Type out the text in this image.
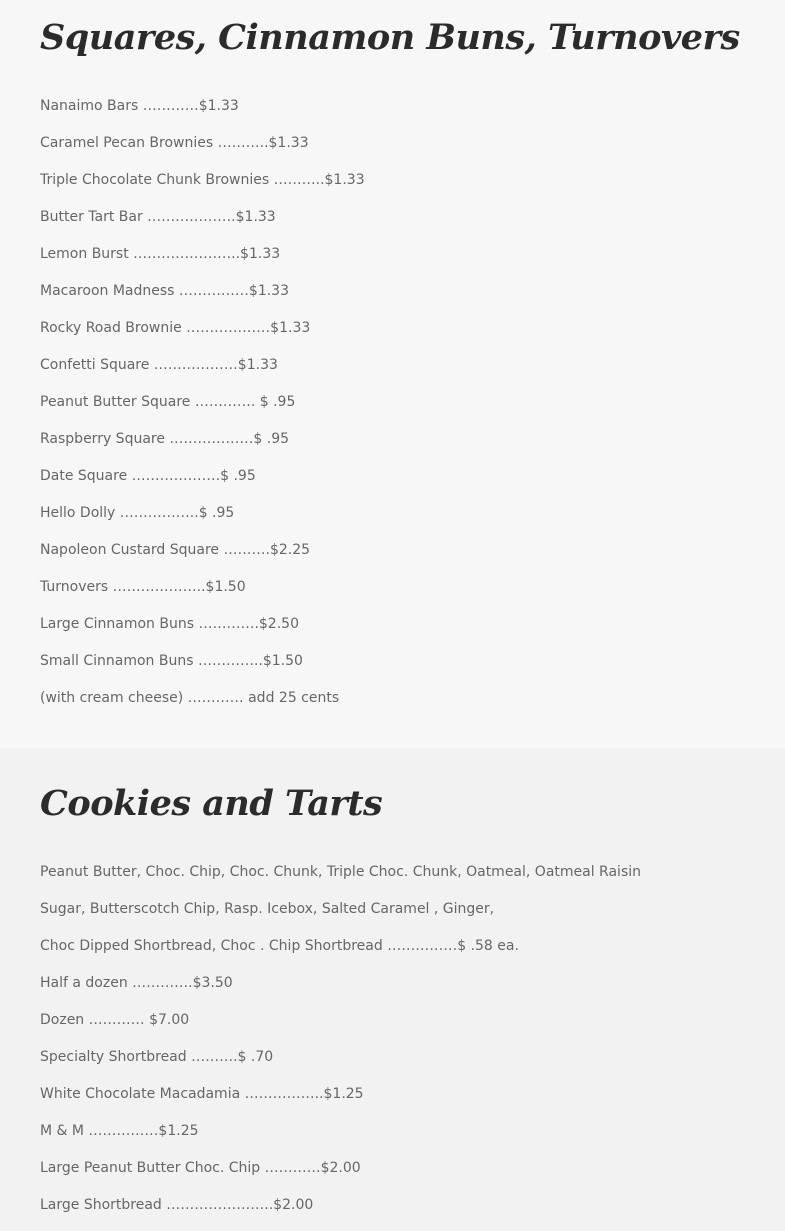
Squares, Cinnamon Buns, Turnovers
Nanaimo Bars …………$1.33
Caramel Pecan Brownies ………..$1.33
Triple Chocolate Chunk Brownies ………..$1.33
Butter Tart Bar ……………….$1.33
Lemon Burst …………………..$1.33
Macaroon Madness ……………$1.33
Rocky Road Brownie ………………$1.33
Confetti Square ………………$1.33
Peanut Butter Square …………. $ .95
Raspberry Square ………………$ .95
Date Square ……………….$ .95
Hello Dolly ……………..$ .95
Napoleon Custard Square ……….$2.25
Turnovers ………………..$1.50
Large Cinnamon Buns ………….$2.50
Small Cinnamon Buns …………..$1.50
(with cream cheese) ………… add 25 cents
Cookies and Tarts
Peanut Butter, Choc. Chip, Choc. Chunk, Triple Choc. Chunk, Oatmeal, Oatmeal Raisin
Sugar, Butterscotch Chip, Rasp. Icebox, Salted Caramel , Ginger,
Choc Dipped Shortbread, Choc . Chip Shortbread ……………$ .58 ea.
Half a dozen ………….$3.50
Dozen ………… $7.00
Specialty Shortbread ……….$ .70
White Chocolate Macadamia ……………..$1.25
M & M ……………$1.25
Large Peanut Butter Choc. Chip …………$2.00
Large Shortbread …………………..$2.00
